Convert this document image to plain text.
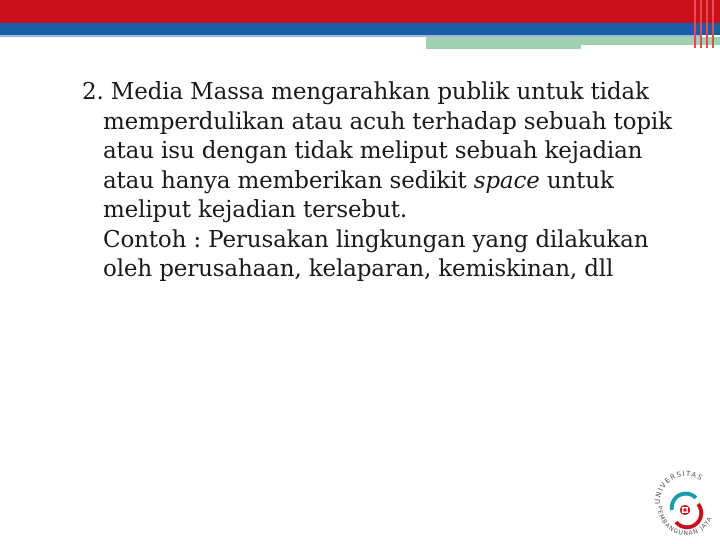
2. Media Massa mengarahkan publik untuk tidak memperdulikan atau acuh terhadap sebuah topik atau isu dengan tidak meliput sebuah kejadian atau hanya memberikan sedikit space untuk meliput kejadian tersebut.
Contoh : Perusakan lingkungan yang dilakukan oleh perusahaan, kelaparan, kemiskinan, dll

UNIVERSITAS
PEMBANGUNAN JAYA
